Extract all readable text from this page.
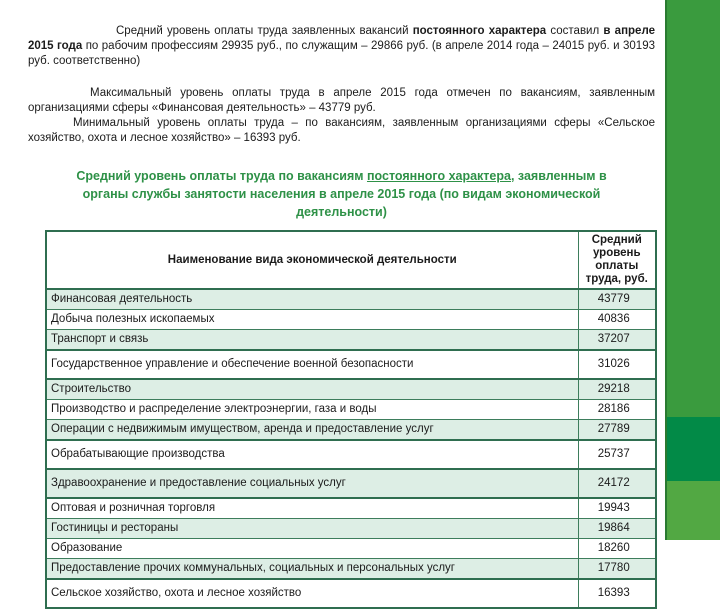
Средний уровень оплаты труда заявленных вакансий постоянного характера составил в апреле 2015 года по рабочим профессиям 29935 руб., по служащим – 29866 руб. (в апреле 2014 года – 24015 руб. и 30193 руб. соответственно)

Максимальный уровень оплаты труда в апреле 2015 года отмечен по вакансиям, заявленным организациями сферы «Финансовая деятельность» – 43779 руб.

Минимальный уровень оплаты труда – по вакансиям, заявленным организациями сферы «Сельское хозяйство, охота и лесное хозяйство» – 16393 руб.

Средний уровень оплаты труда по вакансиям постоянного характера, заявленным в органы службы занятости населения в апреле 2015 года (по видам экономической деятельности)
Наименование вида экономической деятельности	Средний уровень оплаты труда, руб.
Финансовая деятельность	43779
Добыча полезных ископаемых	40836
Транспорт и связь	37207
Государственное управление и обеспечение военной безопасности	31026
Строительство	29218
Производство и распределение электроэнергии, газа и воды	28186
Операции с недвижимым имуществом, аренда и предоставление услуг	27789
Обрабатывающие производства	25737
Здравоохранение и предоставление социальных услуг	24172
Оптовая и розничная торговля	19943
Гостиницы и рестораны	19864
Образование	18260
Предоставление прочих коммунальных, социальных и персональных услуг	17780
Сельское хозяйство, охота и лесное хозяйство	16393
